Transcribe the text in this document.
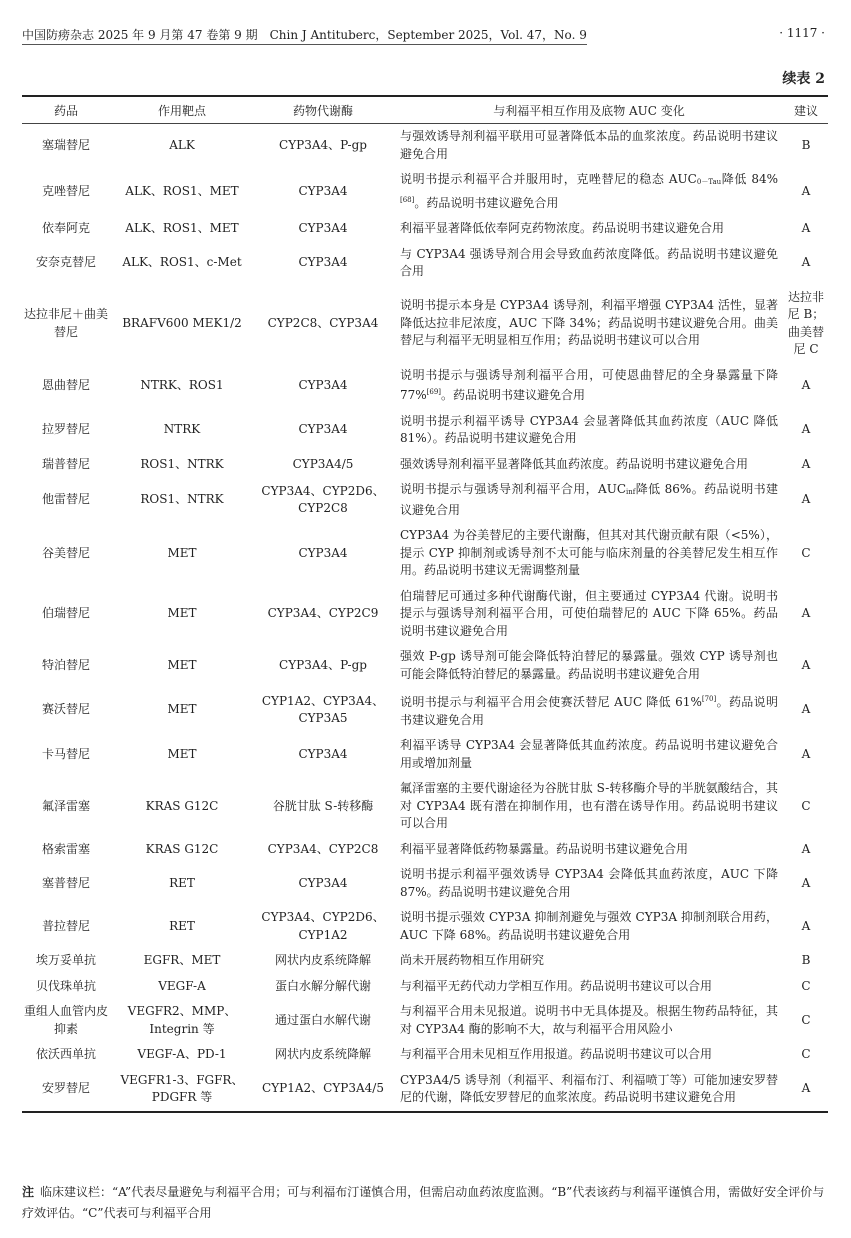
中国防痨杂志 2025 年 9 月第 47 卷第 9 期　Chin J Antituberc，September 2025，Vol. 47，No. 9	· 1117 ·
续表 2
药品	作用靶点	药物代谢酶	与利福平相互作用及底物 AUC 变化	建议
塞瑞替尼	ALK	CYP3A4、P-gp	与强效诱导剂利福平联用可显著降低本品的血浆浓度。药品说明书建议避免合用	B
克唑替尼	ALK、ROS1、MET	CYP3A4	说明书提示利福平合并服用时，克唑替尼的稳态 $AUC_{0-Tau}$降低 84%[68]。药品说明书建议避免合用	A
依奉阿克	ALK、ROS1、MET	CYP3A4	利福平显著降低依奉阿克药物浓度。药品说明书建议避免合用	A
安奈克替尼	ALK、ROS1、c-Met	CYP3A4	与 CYP3A4 强诱导剂合用会导致血药浓度降低。药品说明书建议避免合用	A
达拉非尼＋曲美替尼	BRAFV600 MEK1/2	CYP2C8、CYP3A4	说明书提示本身是 CYP3A4 诱导剂，利福平增强 CYP3A4 活性，显著降低达拉非尼浓度，AUC 下降 34%；药品说明书建议避免合用。曲美替尼与利福平无明显相互作用；药品说明书建议可以合用	达拉非尼 B；曲美替尼 C
恩曲替尼	NTRK、ROS1	CYP3A4	说明书提示与强诱导剂利福平合用，可使恩曲替尼的全身暴露量下降 77%[69]。药品说明书建议避免合用	A
拉罗替尼	NTRK	CYP3A4	说明书提示利福平诱导 CYP3A4 会显著降低其血药浓度（AUC 降低 81%）。药品说明书建议避免合用	A
瑞普替尼	ROS1、NTRK	CYP3A4/5	强效诱导剂利福平显著降低其血药浓度。药品说明书建议避免合用	A
他雷替尼	ROS1、NTRK	CYP3A4、CYP2D6、CYP2C8	说明书提示与强诱导剂利福平合用，$AUC_{inf}$降低 86%。药品说明书建议避免合用	A
谷美替尼	MET	CYP3A4	CYP3A4 为谷美替尼的主要代谢酶，但其对其代谢贡献有限（<5%），提示 CYP 抑制剂或诱导剂不太可能与临床剂量的谷美替尼发生相互作用。药品说明书建议无需调整剂量	C
伯瑞替尼	MET	CYP3A4、CYP2C9	伯瑞替尼可通过多种代谢酶代谢，但主要通过 CYP3A4 代谢。说明书提示与强诱导剂利福平合用，可使伯瑞替尼的 AUC 下降 65%。药品说明书建议避免合用	A
特泊替尼	MET	CYP3A4、P-gp	强效 P-gp 诱导剂可能会降低特泊替尼的暴露量。强效 CYP 诱导剂也可能会降低特泊替尼的暴露量。药品说明书建议避免合用	A
赛沃替尼	MET	CYP1A2、CYP3A4、CYP3A5	说明书提示与利福平合用会使赛沃替尼 AUC 降低 61%[70]。药品说明书建议避免合用	A
卡马替尼	MET	CYP3A4	利福平诱导 CYP3A4 会显著降低其血药浓度。药品说明书建议避免合用或增加剂量	A
氟泽雷塞	KRAS G12C	谷胱甘肽 S-转移酶	氟泽雷塞的主要代谢途径为谷胱甘肽 S-转移酶介导的半胱氨酸结合，其对 CYP3A4 既有潜在抑制作用，也有潜在诱导作用。药品说明书建议可以合用	C
格索雷塞	KRAS G12C	CYP3A4、CYP2C8	利福平显著降低药物暴露量。药品说明书建议避免合用	A
塞普替尼	RET	CYP3A4	说明书提示利福平强效诱导 CYP3A4 会降低其血药浓度，AUC 下降 87%。药品说明书建议避免合用	A
普拉替尼	RET	CYP3A4、CYP2D6、CYP1A2	说明书提示强效 CYP3A 抑制剂避免与强效 CYP3A 抑制剂联合用药，AUC 下降 68%。药品说明书建议避免合用	A
埃万妥单抗	EGFR、MET	网状内皮系统降解	尚未开展药物相互作用研究	B
贝伐珠单抗	VEGF-A	蛋白水解分解代谢	与利福平无药代动力学相互作用。药品说明书建议可以合用	C
重组人血管内皮抑素	VEGFR2、MMP、Integrin 等	通过蛋白水解代谢	与利福平合用未见报道。说明书中无具体提及。根据生物药品特征，其对 CYP3A4 酶的影响不大，故与利福平合用风险小	C
依沃西单抗	VEGF-A、PD-1	网状内皮系统降解	与利福平合用未见相互作用报道。药品说明书建议可以合用	C
安罗替尼	VEGFR1-3、FGFR、PDGFR 等	CYP1A2、CYP3A4/5	CYP3A4/5 诱导剂（利福平、利福布汀、利福喷丁等）可能加速安罗替尼的代谢，降低安罗替尼的血浆浓度。药品说明书建议避免合用	A
注 临床建议栏：“A”代表尽量避免与利福平合用；可与利福布汀谨慎合用，但需启动血药浓度监测。“B”代表该药与利福平谨慎合用，需做好安全评价与疗效评估。“C”代表可与利福平合用
